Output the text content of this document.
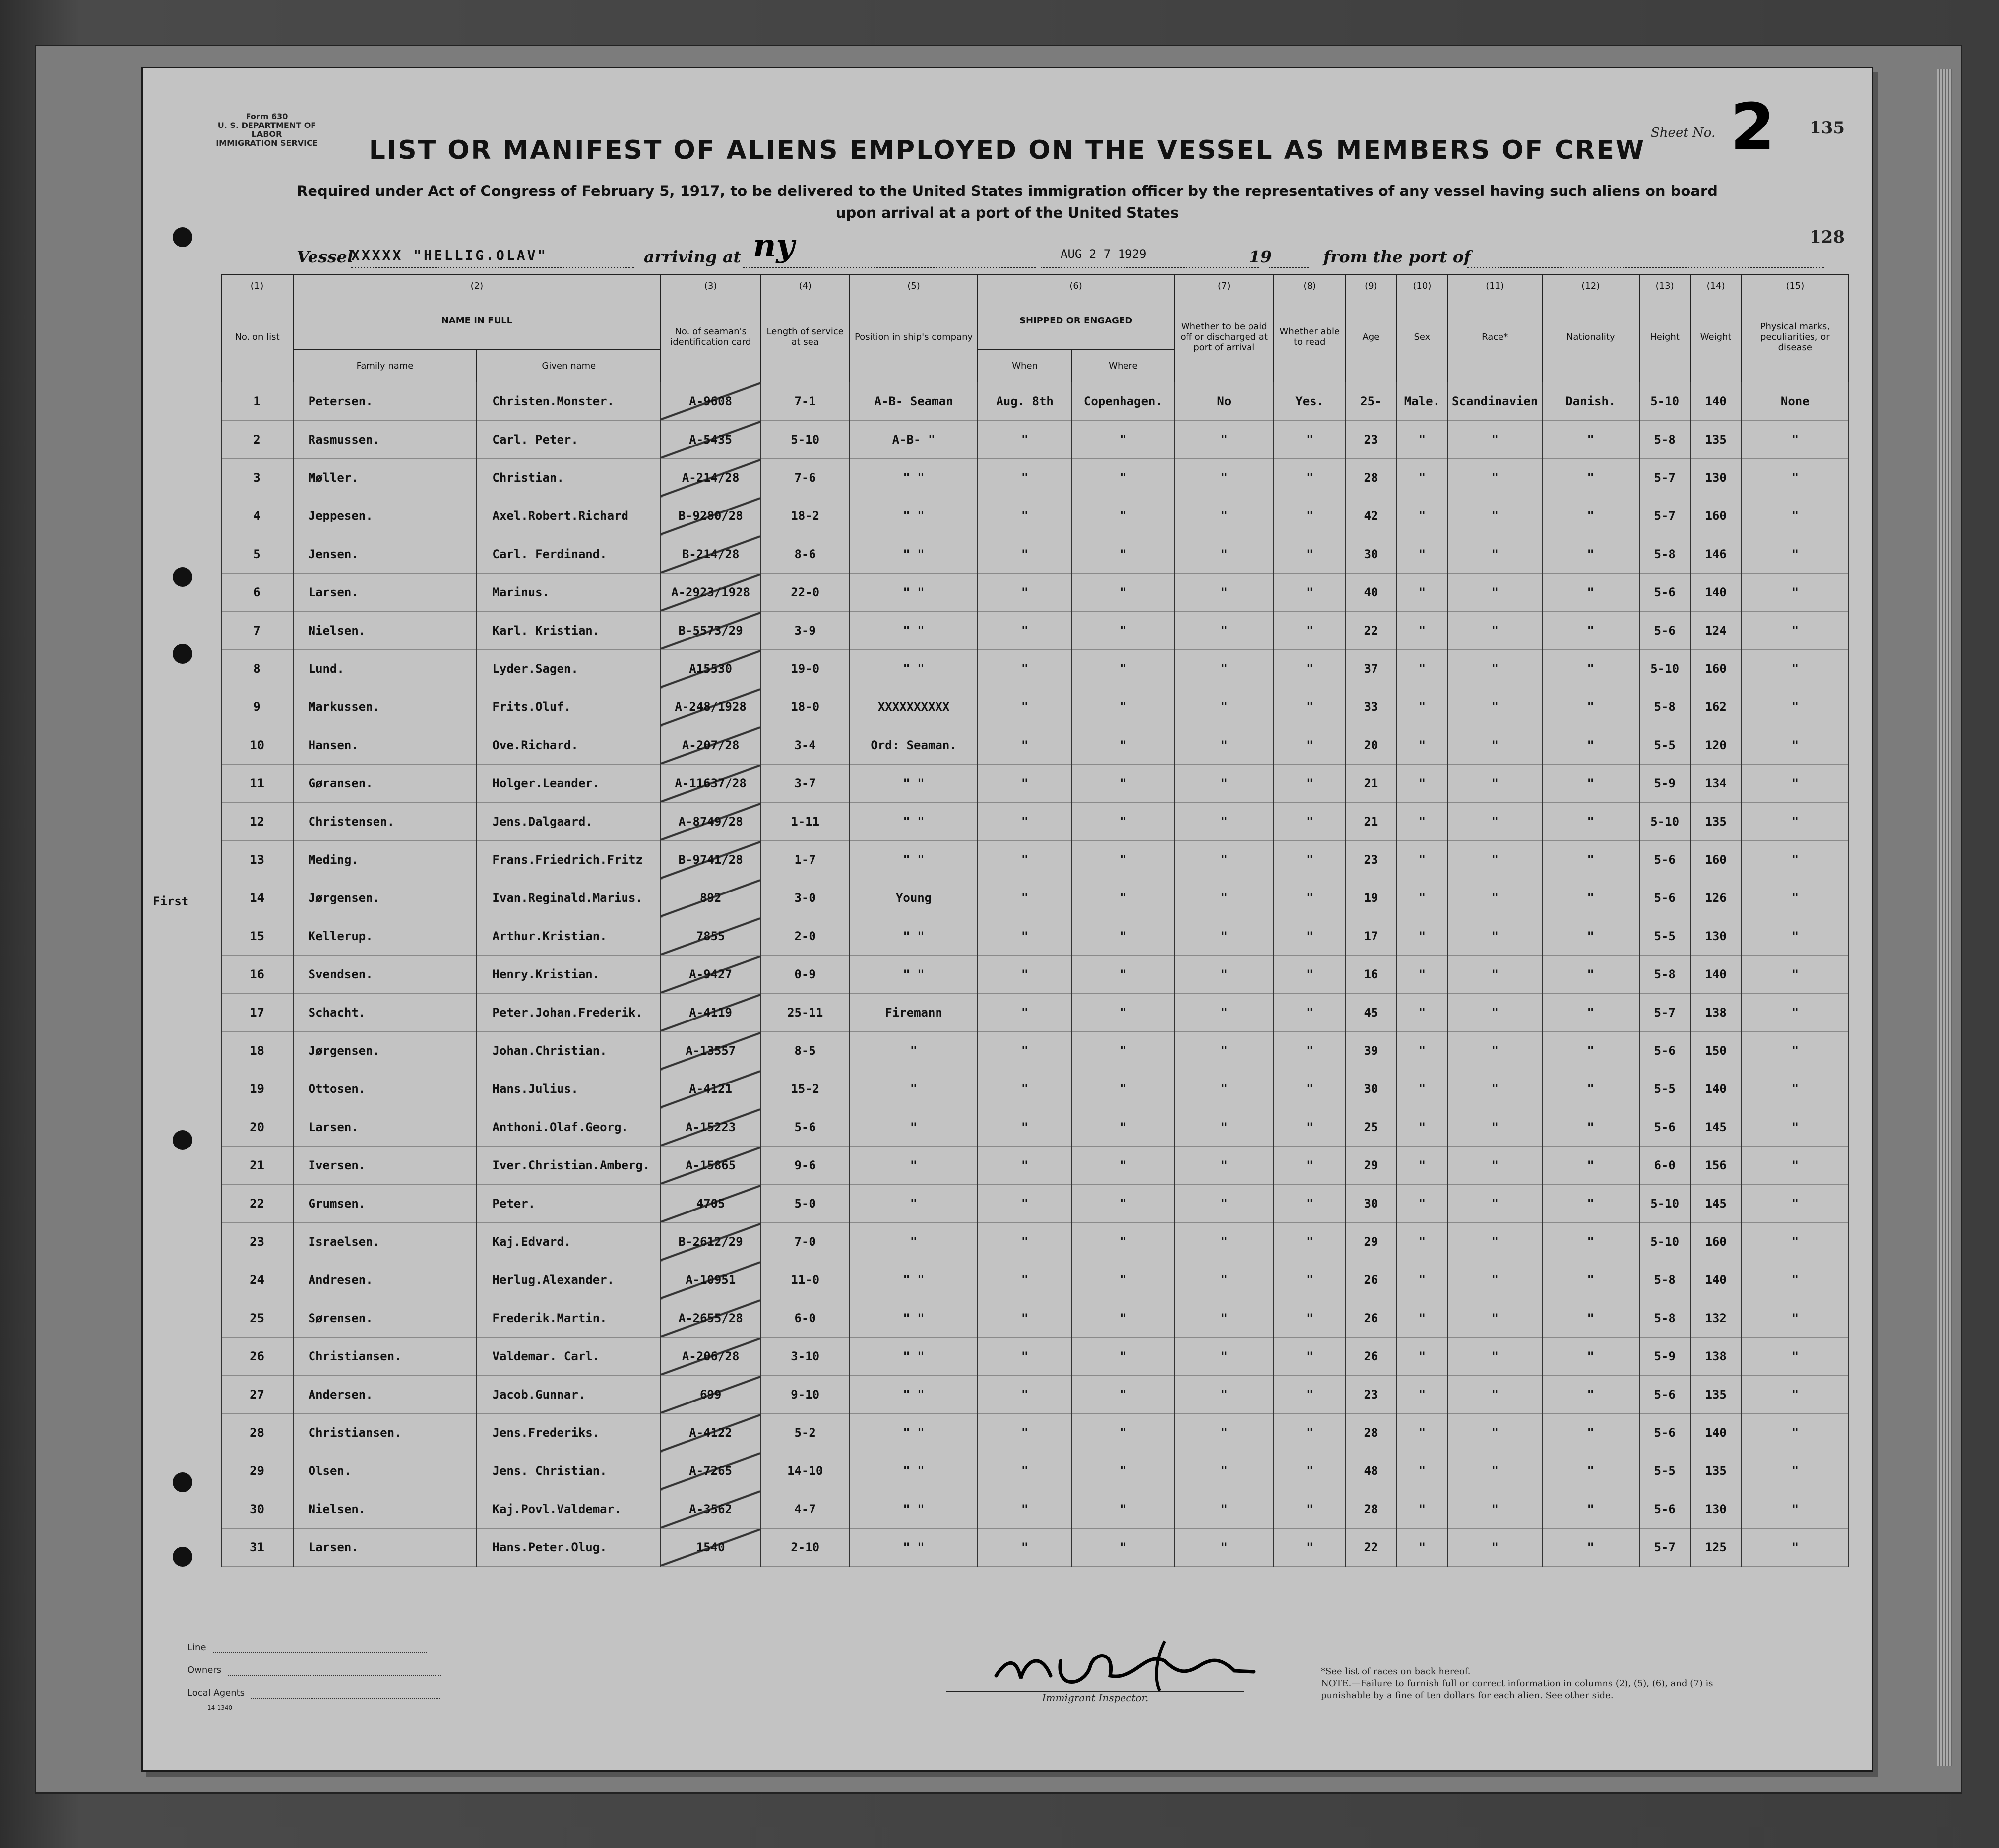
Form 630
U. S. DEPARTMENT OF LABOR
IMMIGRATION SERVICE	LIST OR MANIFEST OF ALIENS EMPLOYED ON THE VESSEL AS MEMBERS OF CREW
Required under Act of Congress of February 5, 1917, to be delivered to the United States immigration officer by the representatives of any vessel having such aliens on board upon arrival at a port of the United States
Sheet No. 2 135
128
Vessel
XXXXX "HELLIG.OLAV"	arriving at ny	AUG 2 7 1929	19	from the port of
	(1)	(2)		(3)	(4)	(5)	(6)		(7)	(8)	(9)	(10)	(11)	(12)	(13)	(14)	(15)
	No. on list	NAME IN FULL		No. of seaman's identification card	Length of service at sea	Position in ship's company	SHIPPED OR ENGAGED		Whether to be paid off or discharged at port of arrival	Whether able to read	Age	Sex	Race*	Nationality	Height	Weight	Physical marks, peculiarities, or disease
		Family name	Given name				When	Where									
	1	Petersen.	Christen.Monster.	A-9608	7-1	A-B- Seaman	Aug. 8th	Copenhagen.	No	Yes.	25-	Male.	Scandinavien	Danish.	5-10	140	None
	2	Rasmussen.	Carl. Peter.	A-5435	5-10	A-B- "	"	"	"	"	23	"	"	"	5-8	135	"
	3	Møller.	Christian.	A-214/28	7-6	" "	"	"	"	"	28	"	"	"	5-7	130	"
	4	Jeppesen.	Axel.Robert.Richard	B-9280/28	18-2	" "	"	"	"	"	42	"	"	"	5-7	160	"
	5	Jensen.	Carl. Ferdinand.	B-214/28	8-6	" "	"	"	"	"	30	"	"	"	5-8	146	"
	6	Larsen.	Marinus.	A-2923/1928	22-0	" "	"	"	"	"	40	"	"	"	5-6	140	"
	7	Nielsen.	Karl. Kristian.	B-5573/29	3-9	" "	"	"	"	"	22	"	"	"	5-6	124	"
	8	Lund.	Lyder.Sagen.	A15530	19-0	" "	"	"	"	"	37	"	"	"	5-10	160	"
	9	Markussen.	Frits.Oluf.	A-248/1928	18-0	XXXXXXXXXX	"	"	"	"	33	"	"	"	5-8	162	"
	10	Hansen.	Ove.Richard.	A-207/28	3-4	Ord: Seaman.	"	"	"	"	20	"	"	"	5-5	120	"
	11	Gøransen.	Holger.Leander.	A-11637/28	3-7	" "	"	"	"	"	21	"	"	"	5-9	134	"
	12	Christensen.	Jens.Dalgaard.	A-8749/28	1-11	" "	"	"	"	"	21	"	"	"	5-10	135	"
	13	Meding.	Frans.Friedrich.Fritz	B-9741/28	1-7	" "	"	"	"	"	23	"	"	"	5-6	160	"
	14	Jørgensen.	Ivan.Reginald.Marius.	892	3-0	Young	"	"	"	"	19	"	"	"	5-6	126	"
	15	Kellerup.	Arthur.Kristian.	7855	2-0	" "	"	"	"	"	17	"	"	"	5-5	130	"
	16	Svendsen.	Henry.Kristian.	A-9427	0-9	" "	"	"	"	"	16	"	"	"	5-8	140	"
	17	Schacht.	Peter.Johan.Frederik.	A-4119	25-11	Firemann	"	"	"	"	45	"	"	"	5-7	138	"
	18	Jørgensen.	Johan.Christian.	A-13557	8-5	"	"	"	"	"	39	"	"	"	5-6	150	"
	19	Ottosen.	Hans.Julius.	A-4121	15-2	"	"	"	"	"	30	"	"	"	5-5	140	"
	20	Larsen.	Anthoni.Olaf.Georg.	A-15223	5-6	"	"	"	"	"	25	"	"	"	5-6	145	"
	21	Iversen.	Iver.Christian.Amberg.	A-15865	9-6	"	"	"	"	"	29	"	"	"	6-0	156	"
	22	Grumsen.	Peter.	4705	5-0	"	"	"	"	"	30	"	"	"	5-10	145	"
	23	Israelsen.	Kaj.Edvard.	B-2612/29	7-0	"	"	"	"	"	29	"	"	"	5-10	160	"
	24	Andresen.	Herlug.Alexander.	A-10951	11-0	" "	"	"	"	"	26	"	"	"	5-8	140	"
	25	Sørensen.	Frederik.Martin.	A-2655/28	6-0	" "	"	"	"	"	26	"	"	"	5-8	132	"
	26	Christiansen.	Valdemar. Carl.	A-206/28	3-10	" "	"	"	"	"	26	"	"	"	5-9	138	"
	27	Andersen.	Jacob.Gunnar.	699	9-10	" "	"	"	"	"	23	"	"	"	5-6	135	"
	28	Christiansen.	Jens.Frederiks.	A-4122	5-2	" "	"	"	"	"	28	"	"	"	5-6	140	"
	29	Olsen.	Jens. Christian.	A-7265	14-10	" "	"	"	"	"	48	"	"	"	5-5	135	"
	30	Nielsen.	Kaj.Povl.Valdemar.	A-3562	4-7	" "	"	"	"	"	28	"	"	"	5-6	130	"
	31	Larsen.	Hans.Peter.Olug.	1540	2-10	" "	"	"	"	"	22	"	"	"	5-7	125	"
First
Immigrant Inspector.
Line
Owners
Local Agents
14-1340
*See list of races on back hereof.
NOTE.—Failure to furnish full or correct information in columns (2), (5), (6), and (7) is punishable by a fine of ten dollars for each alien. See other side.
